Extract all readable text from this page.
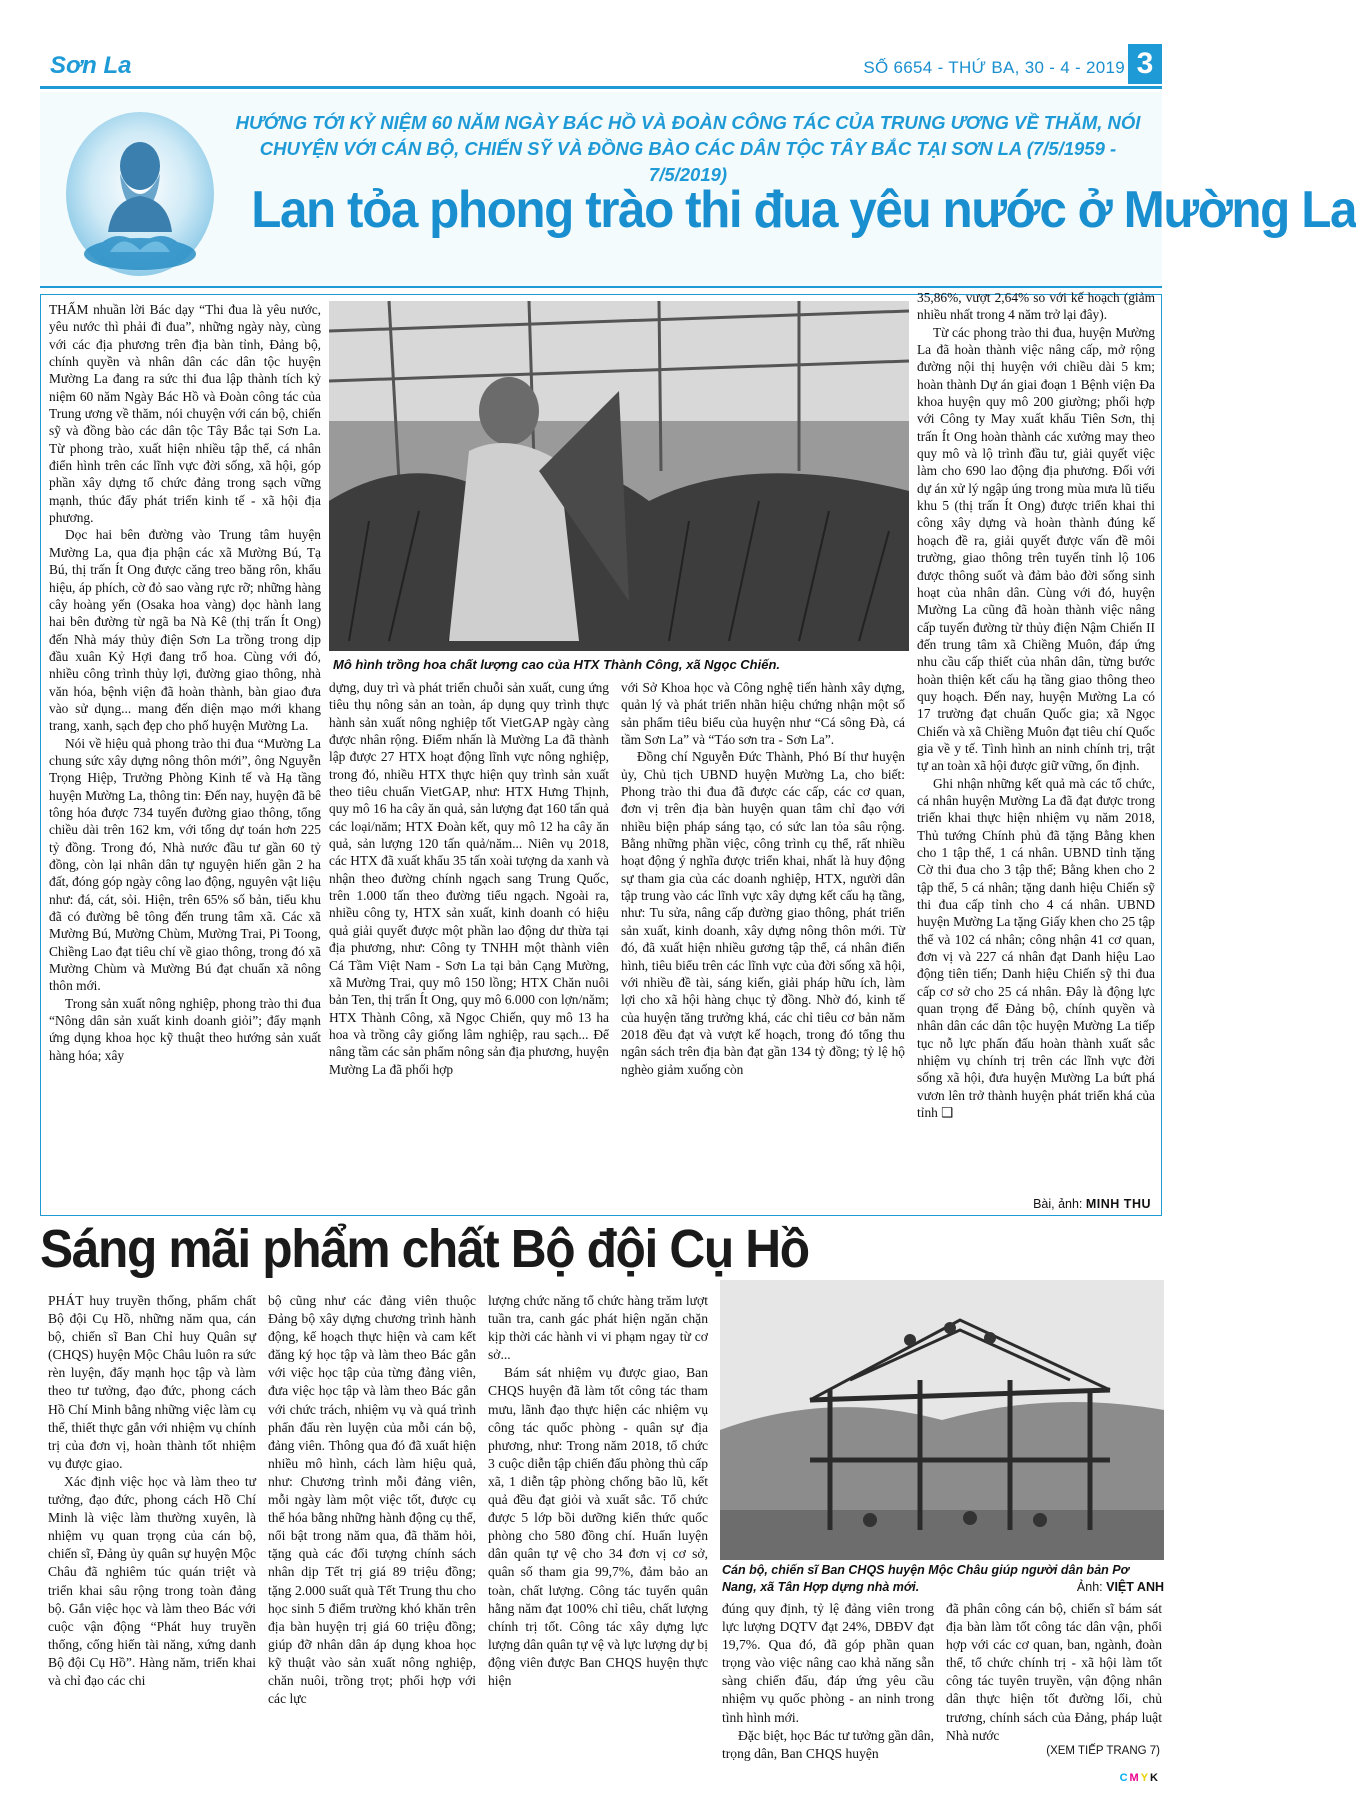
Sơn La	SỐ 6654 - THỨ BA, 30 - 4 - 2019 3
HƯỚNG TỚI KỶ NIỆM 60 NĂM NGÀY BÁC HỒ VÀ ĐOÀN CÔNG TÁC CỦA TRUNG ƯƠNG VỀ THĂM, NÓI CHUYỆN VỚI CÁN BỘ, CHIẾN SỸ VÀ ĐỒNG BÀO CÁC DÂN TỘC TÂY BẮC TẠI SƠN LA (7/5/1959 - 7/5/2019)
Lan tỏa phong trào thi đua yêu nước ở Mường La

THẤM nhuần lời Bác dạy “Thi đua là yêu nước, yêu nước thì phải đi đua”, những ngày này, cùng với các địa phương trên địa bàn tỉnh, Đảng bộ, chính quyền và nhân dân các dân tộc huyện Mường La đang ra sức thi đua lập thành tích kỷ niệm 60 năm Ngày Bác Hồ và Đoàn công tác của Trung ương về thăm, nói chuyện với cán bộ, chiến sỹ và đồng bào các dân tộc Tây Bắc tại Sơn La. Từ phong trào, xuất hiện nhiều tập thể, cá nhân điển hình trên các lĩnh vực đời sống, xã hội, góp phần xây dựng tổ chức đảng trong sạch vững mạnh, thúc đẩy phát triển kinh tế - xã hội địa phương.

Dọc hai bên đường vào Trung tâm huyện Mường La, qua địa phận các xã Mường Bú, Tạ Bú, thị trấn Ít Ong được căng treo băng rôn, khẩu hiệu, áp phích, cờ đỏ sao vàng rực rỡ; những hàng cây hoàng yến (Osaka hoa vàng) dọc hành lang hai bên đường từ ngã ba Nà Kê (thị trấn Ít Ong) đến Nhà máy thủy điện Sơn La trồng trong dịp đầu xuân Kỷ Hợi đang trổ hoa. Cùng với đó, nhiều công trình thủy lợi, đường giao thông, nhà văn hóa, bệnh viện đã hoàn thành, bàn giao đưa vào sử dụng... mang đến diện mạo mới khang trang, xanh, sạch đẹp cho phố huyện Mường La.

Nói về hiệu quả phong trào thi đua “Mường La chung sức xây dựng nông thôn mới”, ông Nguyễn Trọng Hiệp, Trưởng Phòng Kinh tế và Hạ tầng huyện Mường La, thông tin: Đến nay, huyện đã bê tông hóa được 734 tuyến đường giao thông, tổng chiều dài trên 162 km, với tổng dự toán hơn 225 tỷ đồng. Trong đó, Nhà nước đầu tư gần 60 tỷ đồng, còn lại nhân dân tự nguyện hiến gần 2 ha đất, đóng góp ngày công lao động, nguyên vật liệu như: đá, cát, sỏi. Hiện, trên 65% số bản, tiểu khu đã có đường bê tông đến trung tâm xã. Các xã Mường Bú, Mường Chùm, Mường Trai, Pi Toong, Chiềng Lao đạt tiêu chí về giao thông, trong đó xã Mường Chùm và Mường Bú đạt chuẩn xã nông thôn mới.

Trong sản xuất nông nghiệp, phong trào thi đua “Nông dân sản xuất kinh doanh giỏi”; đẩy mạnh ứng dụng khoa học kỹ thuật theo hướng sản xuất hàng hóa; xây

Mô hình trồng hoa chất lượng cao của HTX Thành Công, xã Ngọc Chiến.

dựng, duy trì và phát triển chuỗi sản xuất, cung ứng tiêu thụ nông sản an toàn, áp dụng quy trình thực hành sản xuất nông nghiệp tốt VietGAP ngày càng được nhân rộng. Điểm nhấn là Mường La đã thành lập được 27 HTX hoạt động lĩnh vực nông nghiệp, trong đó, nhiều HTX thực hiện quy trình sản xuất theo tiêu chuẩn VietGAP, như: HTX Hưng Thịnh, quy mô 16 ha cây ăn quả, sản lượng đạt 160 tấn quả các loại/năm; HTX Đoàn kết, quy mô 12 ha cây ăn quả, sản lượng 120 tấn quả/năm... Niên vụ 2018, các HTX đã xuất khẩu 35 tấn xoài tượng da xanh và nhận theo đường chính ngạch sang Trung Quốc, trên 1.000 tấn theo đường tiểu ngạch. Ngoài ra, nhiều công ty, HTX sản xuất, kinh doanh có hiệu quả giải quyết được một phần lao động dư thừa tại địa phương, như: Công ty TNHH một thành viên Cá Tầm Việt Nam - Sơn La tại bản Cạng Mường, xã Mường Trai, quy mô 150 lồng; HTX Chăn nuôi bản Ten, thị trấn Ít Ong, quy mô 6.000 con lợn/năm; HTX Thành Công, xã Ngọc Chiến, quy mô 13 ha hoa và trồng cây giống lâm nghiệp, rau sạch... Để nâng tầm các sản phẩm nông sản địa phương, huyện Mường La đã phối hợp

với Sở Khoa học và Công nghệ tiến hành xây dựng, quản lý và phát triển nhãn hiệu chứng nhận một số sản phẩm tiêu biểu của huyện như “Cá sông Đà, cá tầm Sơn La” và “Táo sơn tra - Sơn La”.

Đồng chí Nguyễn Đức Thành, Phó Bí thư huyện ủy, Chủ tịch UBND huyện Mường La, cho biết: Phong trào thi đua đã được các cấp, các cơ quan, đơn vị trên địa bàn huyện quan tâm chỉ đạo với nhiều biện pháp sáng tạo, có sức lan tỏa sâu rộng. Bằng những phần việc, công trình cụ thể, rất nhiều hoạt động ý nghĩa được triển khai, nhất là huy động sự tham gia của các doanh nghiệp, HTX, người dân tập trung vào các lĩnh vực xây dựng kết cấu hạ tầng, như: Tu sửa, nâng cấp đường giao thông, phát triển sản xuất, kinh doanh, xây dựng nông thôn mới. Từ đó, đã xuất hiện nhiều gương tập thể, cá nhân điển hình, tiêu biểu trên các lĩnh vực của đời sống xã hội, với nhiều đề tài, sáng kiến, giải pháp hữu ích, làm lợi cho xã hội hàng chục tỷ đồng. Nhờ đó, kinh tế của huyện tăng trưởng khá, các chỉ tiêu cơ bản năm 2018 đều đạt và vượt kế hoạch, trong đó tổng thu ngân sách trên địa bàn đạt gần 134 tỷ đồng; tỷ lệ hộ nghèo giảm xuống còn

35,86%, vượt 2,64% so với kế hoạch (giảm nhiều nhất trong 4 năm trở lại đây).

Từ các phong trào thi đua, huyện Mường La đã hoàn thành việc nâng cấp, mở rộng đường nội thị huyện với chiều dài 5 km; hoàn thành Dự án giai đoạn 1 Bệnh viện Đa khoa huyện quy mô 200 giường; phối hợp với Công ty May xuất khẩu Tiên Sơn, thị trấn Ít Ong hoàn thành các xưởng may theo quy mô và lộ trình đầu tư, giải quyết việc làm cho 690 lao động địa phương. Đối với dự án xử lý ngập úng trong mùa mưa lũ tiểu khu 5 (thị trấn Ít Ong) được triển khai thi công xây dựng và hoàn thành đúng kế hoạch đề ra, giải quyết được vấn đề môi trường, giao thông trên tuyến tỉnh lộ 106 được thông suốt và đảm bảo đời sống sinh hoạt của nhân dân. Cùng với đó, huyện Mường La cũng đã hoàn thành việc nâng cấp tuyến đường từ thủy điện Nậm Chiến II đến trung tâm xã Chiềng Muôn, đáp ứng nhu cầu cấp thiết của nhân dân, từng bước hoàn thiện kết cấu hạ tầng giao thông theo quy hoạch. Đến nay, huyện Mường La có 17 trường đạt chuẩn Quốc gia; xã Ngọc Chiến và xã Chiềng Muôn đạt tiêu chí Quốc gia về y tế. Tình hình an ninh chính trị, trật tự an toàn xã hội được giữ vững, ổn định.

Ghi nhận những kết quả mà các tổ chức, cá nhân huyện Mường La đã đạt được trong triển khai thực hiện nhiệm vụ năm 2018, Thủ tướng Chính phủ đã tặng Bằng khen cho 1 tập thể, 1 cá nhân. UBND tỉnh tặng Cờ thi đua cho 3 tập thể; Bằng khen cho 2 tập thể, 5 cá nhân; tặng danh hiệu Chiến sỹ thi đua cấp tỉnh cho 4 cá nhân. UBND huyện Mường La tặng Giấy khen cho 25 tập thể và 102 cá nhân; công nhận 41 cơ quan, đơn vị và 227 cá nhân đạt Danh hiệu Lao động tiên tiến; Danh hiệu Chiến sỹ thi đua cấp cơ sở cho 25 cá nhân. Đây là động lực quan trọng để Đảng bộ, chính quyền và nhân dân các dân tộc huyện Mường La tiếp tục nỗ lực phấn đấu hoàn thành xuất sắc nhiệm vụ chính trị trên các lĩnh vực đời sống xã hội, đưa huyện Mường La bứt phá vươn lên trở thành huyện phát triển khá của tỉnh ❑

Bài, ảnh: MINH THU
Sáng mãi phẩm chất Bộ đội Cụ Hồ

PHÁT huy truyền thống, phẩm chất Bộ đội Cụ Hồ, những năm qua, cán bộ, chiến sĩ Ban Chỉ huy Quân sự (CHQS) huyện Mộc Châu luôn ra sức rèn luyện, đẩy mạnh học tập và làm theo tư tưởng, đạo đức, phong cách Hồ Chí Minh bằng những việc làm cụ thể, thiết thực gắn với nhiệm vụ chính trị của đơn vị, hoàn thành tốt nhiệm vụ được giao.

Xác định việc học và làm theo tư tưởng, đạo đức, phong cách Hồ Chí Minh là việc làm thường xuyên, là nhiệm vụ quan trọng của cán bộ, chiến sĩ, Đảng ủy quân sự huyện Mộc Châu đã nghiêm túc quán triệt và triển khai sâu rộng trong toàn đảng bộ. Gắn việc học và làm theo Bác với cuộc vận động “Phát huy truyền thống, cống hiến tài năng, xứng danh Bộ đội Cụ Hồ”. Hàng năm, triển khai và chỉ đạo các chi

bộ cũng như các đảng viên thuộc Đảng bộ xây dựng chương trình hành động, kế hoạch thực hiện và cam kết đăng ký học tập và làm theo Bác gắn với việc học tập của từng đảng viên, đưa việc học tập và làm theo Bác gắn với chức trách, nhiệm vụ và quá trình phấn đấu rèn luyện của mỗi cán bộ, đảng viên. Thông qua đó đã xuất hiện nhiều mô hình, cách làm hiệu quả, như: Chương trình mỗi đảng viên, mỗi ngày làm một việc tốt, được cụ thể hóa bằng những hành động cụ thể, nổi bật trong năm qua, đã thăm hỏi, tặng quà các đối tượng chính sách nhân dịp Tết trị giá 89 triệu đồng; tặng 2.000 suất quà Tết Trung thu cho học sinh 5 điểm trường khó khăn trên địa bàn huyện trị giá 60 triệu đồng; giúp đỡ nhân dân áp dụng khoa học kỹ thuật vào sản xuất nông nghiệp, chăn nuôi, trồng trọt; phối hợp với các lực

lượng chức năng tổ chức hàng trăm lượt tuần tra, canh gác phát hiện ngăn chặn kịp thời các hành vi vi phạm ngay từ cơ sở...

Bám sát nhiệm vụ được giao, Ban CHQS huyện đã làm tốt công tác tham mưu, lãnh đạo thực hiện các nhiệm vụ công tác quốc phòng - quân sự địa phương, như: Trong năm 2018, tổ chức 3 cuộc diễn tập chiến đấu phòng thủ cấp xã, 1 diễn tập phòng chống bão lũ, kết quả đều đạt giỏi và xuất sắc. Tổ chức được 5 lớp bồi dưỡng kiến thức quốc phòng cho 580 đồng chí. Huấn luyện dân quân tự vệ cho 34 đơn vị cơ sở, quân số tham gia 99,7%, đảm bảo an toàn, chất lượng. Công tác tuyển quân hằng năm đạt 100% chỉ tiêu, chất lượng chính trị tốt. Công tác xây dựng lực lượng dân quân tự vệ và lực lượng dự bị động viên được Ban CHQS huyện thực hiện

Cán bộ, chiến sĩ Ban CHQS huyện Mộc Châu giúp người dân bản Pơ Nang, xã Tân Hợp dựng nhà mới.	Ảnh: VIỆT ANH

đúng quy định, tỷ lệ đảng viên trong lực lượng DQTV đạt 24%, DBĐV đạt 19,7%. Qua đó, đã góp phần quan trọng vào việc nâng cao khả năng sẵn sàng chiến đấu, đáp ứng yêu cầu nhiệm vụ quốc phòng - an ninh trong tình hình mới.

Đặc biệt, học Bác tư tưởng gần dân, trọng dân, Ban CHQS huyện

đã phân công cán bộ, chiến sĩ bám sát địa bàn làm tốt công tác dân vận, phối hợp với các cơ quan, ban, ngành, đoàn thể, tổ chức chính trị - xã hội làm tốt công tác tuyên truyền, vận động nhân dân thực hiện tốt đường lối, chủ trương, chính sách của Đảng, pháp luật Nhà nước

(XEM TIẾP TRANG 7)
CMYK
